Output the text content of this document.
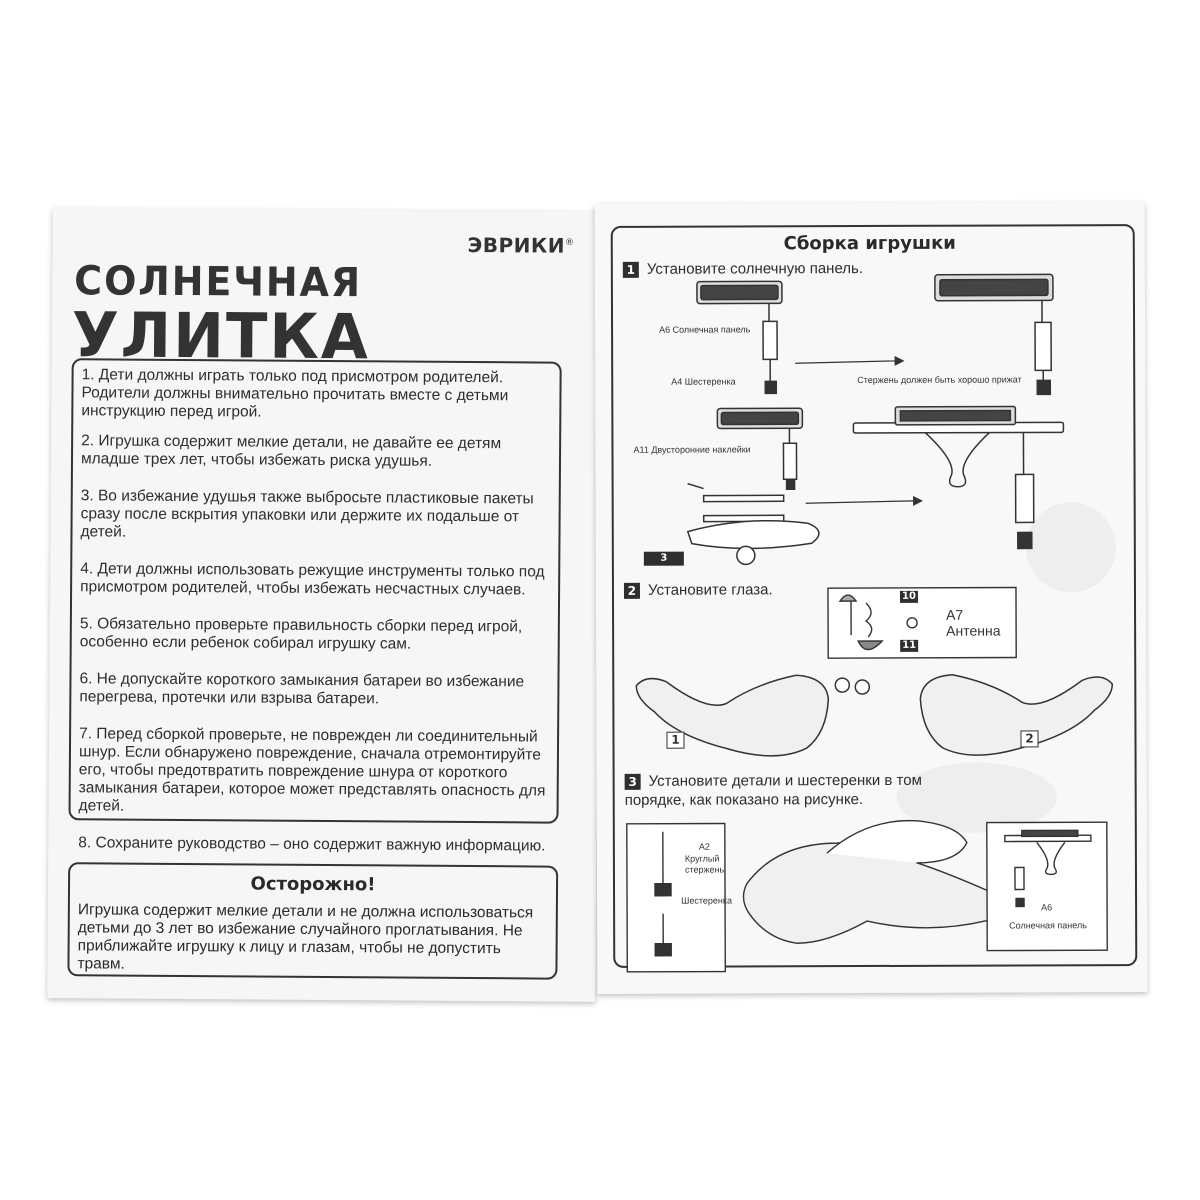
ЭВРИКИ®
СОЛНЕЧНАЯ
УЛИТКА

1. Дети должны играть только под присмотром родителей. Родители должны внимательно прочитать вместе с детьми инструкцию перед игрой.

2. Игрушка содержит мелкие детали, не давайте ее детям младше трех лет, чтобы избежать риска удушья.

3. Во избежание удушья также выбросьте пластиковые пакеты сразу после вскрытия упаковки или держите их подальше от детей.

4. Дети должны использовать режущие инструменты только под присмотром родителей, чтобы избежать несчастных случаев.

5. Обязательно проверьте правильность сборки перед игрой, особенно если ребенок собирал игрушку сам.

6. Не допускайте короткого замыкания батареи во избежание перегрева, протечки или взрыва батареи.

7. Перед сборкой проверьте, не поврежден ли соединительный шнур. Если обнаружено повреждение, сначала отремонтируйте его, чтобы предотвратить повреждение шнура от короткого замыкания батареи, которое может представлять опасность для детей.

8. Сохраните руководство – оно содержит важную информацию.

Осторожно!
Игрушка содержит мелкие детали и не должна использоваться детьми до 3 лет во избежание случайного проглатывания. Не приближайте игрушку к лицу и глазам, чтобы не допустить травм.
Сборка игрушки
1 Установите солнечную панель.
2 Установите глаза.
3 Установите детали и шестеренки в том порядке, как показано на рисунке.
А6 Солнечная панель
А4 Шестеренка	Стержень должен быть хорошо прижат
А11 Двусторонние наклейки
3
10
11
А7
Антенна
1	2
А2
Круглый стержень
Шестеренка
А6
Солнечная панель
